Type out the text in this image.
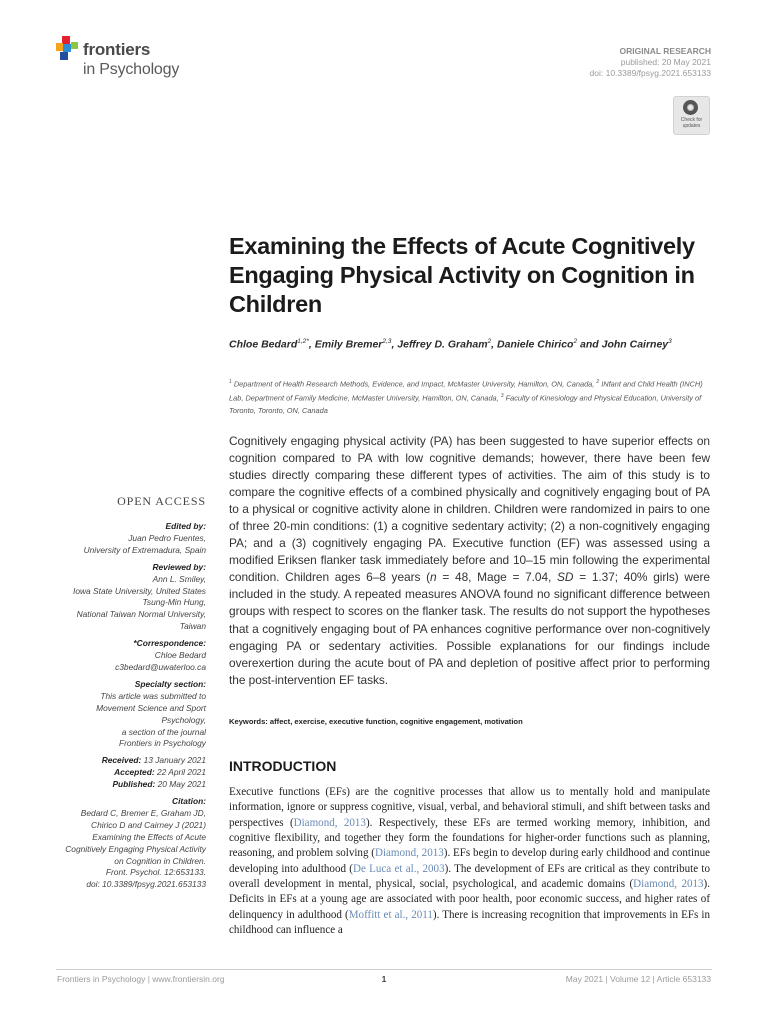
frontiers
in Psychology
ORIGINAL RESEARCH
published: 20 May 2021
doi: 10.3389/fpsyg.2021.653133
Check for updates
Examining the Effects of Acute Cognitively Engaging Physical Activity on Cognition in Children
Chloe Bedard$^{1,2*}$, Emily Bremer$^{2,3}$, Jeffrey D. Graham$^2$, Daniele Chirico$^2$ and John Cairney$^3$
$^1$ Department of Health Research Methods, Evidence, and Impact, McMaster University, Hamilton, ON, Canada, $^2$ INfant and Child Health (INCH) Lab, Department of Family Medicine, McMaster University, Hamilton, ON, Canada, $^3$ Faculty of Kinesiology and Physical Education, University of Toronto, Toronto, ON, Canada
Cognitively engaging physical activity (PA) has been suggested to have superior effects on cognition compared to PA with low cognitive demands; however, there have been few studies directly comparing these different types of activities. The aim of this study is to compare the cognitive effects of a combined physically and cognitively engaging bout of PA to a physical or cognitive activity alone in children. Children were randomized in pairs to one of three 20-min conditions: (1) a cognitive sedentary activity; (2) a non-cognitively engaging PA; and a (3) cognitively engaging PA. Executive function (EF) was assessed using a modified Eriksen flanker task immediately before and 10–15 min following the experimental condition. Children ages 6–8 years (n = 48, Mage = 7.04, SD = 1.37; 40% girls) were included in the study. A repeated measures ANOVA found no significant difference between groups with respect to scores on the flanker task. The results do not support the hypotheses that a cognitively engaging bout of PA enhances cognitive performance over non-cognitively engaging PA or sedentary activities. Possible explanations for our findings include overexertion during the acute bout of PA and depletion of positive affect prior to performing the post-intervention EF tasks.
Keywords: affect, exercise, executive function, cognitive engagement, motivation
INTRODUCTION
Executive functions (EFs) are the cognitive processes that allow us to mentally hold and manipulate information, ignore or suppress cognitive, visual, verbal, and behavioral stimuli, and shift between tasks and perspectives (Diamond, 2013). Respectively, these EFs are termed working memory, inhibition, and cognitive flexibility, and together they form the foundations for higher-order functions such as planning, reasoning, and problem solving (Diamond, 2013). EFs begin to develop during early childhood and continue developing into adulthood (De Luca et al., 2003). The development of EFs are critical as they contribute to overall development in mental, physical, social, psychological, and academic domains (Diamond, 2013). Deficits in EFs at a young age are associated with poor health, poor economic success, and higher rates of delinquency in adulthood (Moffitt et al., 2011). There is increasing recognition that improvements in EFs in childhood can influence a
OPEN ACCESS
Edited by:
Juan Pedro Fuentes,
University of Extremadura, Spain
Reviewed by:
Ann L. Smiley,
Iowa State University, United States
Tsung-Min Hung,
National Taiwan Normal University,
Taiwan
*Correspondence:
Chloe Bedard
c3bedard@uwaterloo.ca
Specialty section:
This article was submitted to
Movement Science and Sport
Psychology,
a section of the journal
Frontiers in Psychology
Received: 13 January 2021
Accepted: 22 April 2021
Published: 20 May 2021
Citation:
Bedard C, Bremer E, Graham JD,
Chirico D and Cairney J (2021)
Examining the Effects of Acute
Cognitively Engaging Physical Activity
on Cognition in Children.
Front. Psychol. 12:653133.
doi: 10.3389/fpsyg.2021.653133
Frontiers in Psychology | www.frontiersin.org	1	May 2021 | Volume 12 | Article 653133
